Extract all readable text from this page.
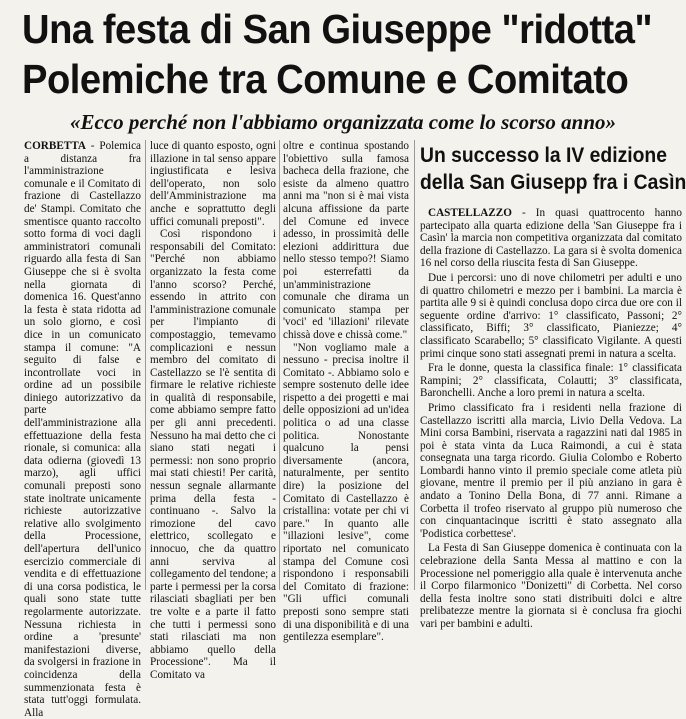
Una festa di San Giuseppe "ridotta"
Polemiche tra Comune e Comitato
«Ecco perché non l'abbiamo organizzata come lo scorso anno»

CORBETTA - Polemica a distanza fra l'amministrazione comunale e il Comitato di frazione di Castellazzo de' Stampi. Comitato che smentisce quanto raccolto sotto forma di voci dagli amministratori comunali riguardo alla festa di San Giuseppe che si è svolta nella giornata di domenica 16. Quest'anno la festa è stata ridotta ad un solo giorno, e così dice in un comunicato stampa il comune: "A seguito di false e incontrollate voci in ordine ad un possibile diniego autorizzativo da parte dell'amministrazione alla effettuazione della festa rionale, si comunica: alla data odierna (giovedì 13 marzo), agli uffici comunali preposti sono state inoltrate unicamente richieste autorizzative relative allo svolgimento della Processione, dell'apertura dell'unico esercizio commerciale di vendita e di effettuazione di una corsa podistica, le quali sono state tutte regolarmente autorizzate. Nessuna richiesta in ordine a 'presunte' manifestazioni diverse, da svolgersi in frazione in coincidenza della summenzionata festa è stata tutt'oggi formulata. Alla

luce di quanto esposto, ogni illazione in tal senso appare ingiustificata e lesiva dell'operato, non solo dell'Amministrazione ma anche e soprattutto degli uffici comunali preposti".

Così rispondono i responsabili del Comitato: "Perché non abbiamo organizzato la festa come l'anno scorso? Perché, essendo in attrito con l'amministrazione comunale per l'impianto di compostaggio, temevamo complicazioni e nessun membro del comitato di Castellazzo se l'è sentita di firmare le relative richieste in qualità di responsabile, come abbiamo sempre fatto per gli anni precedenti. Nessuno ha mai detto che ci siano stati negati i permessi: non sono proprio mai stati chiesti! Per carità, nessun segnale allarmante prima della festa - continuano -. Salvo la rimozione del cavo elettrico, scollegato e innocuo, che da quattro anni serviva al collegamento del tendone; a parte i permessi per la corsa rilasciati sbagliati per ben tre volte e a parte il fatto che tutti i permessi sono stati rilasciati ma non abbiamo quello della Processione". Ma il Comitato va

oltre e continua spostando l'obiettivo sulla famosa bacheca della frazione, che esiste da almeno quattro anni ma "non si è mai vista alcuna affissione da parte del Comune ed invece adesso, in prossimità delle elezioni addirittura due nello stesso tempo?! Siamo poi esterrefatti da un'amministrazione comunale che dirama un comunicato stampa per 'voci' ed 'illazioni' rilevate chissà dove e chissà come."

"Non vogliamo male a nessuno - precisa inoltre il Comitato -. Abbiamo solo e sempre sostenuto delle idee rispetto a dei progetti e mai delle opposizioni ad un'idea politica o ad una classe politica. Nonostante qualcuno la pensi diversamente (ancora, naturalmente, per sentito dire) la posizione del Comitato di Castellazzo è cristallina: votate per chi vi pare." In quanto alle "illazioni lesive", come riportato nel comunicato stampa del Comune così rispondono i responsabili del Comitato di frazione: "Gli uffici comunali preposti sono sempre stati di una disponibilità e di una gentilezza esemplare".

Un successo la IV edizione
della San Giusepp fra i Casìn

CASTELLAZZO - In quasi quattrocento hanno partecipato alla quarta edizione della 'San Giuseppe fra i Casìn' la marcia non competitiva organizzata dal comitato della frazione di Castellazzo. La gara si è svolta domenica 16 nel corso della riuscita festa di San Giuseppe.

Due i percorsi: uno di nove chilometri per adulti e uno di quattro chilometri e mezzo per i bambini. La marcia è partita alle 9 si è quindi conclusa dopo circa due ore con il seguente ordine d'arrivo: 1° classificato, Passoni; 2° classificato, Biffi; 3° classificato, Pianiezze; 4° classificato Scarabello; 5° classificato Vigilante. A questi primi cinque sono stati assegnati premi in natura a scelta.

Fra le donne, questa la classifica finale: 1° classificata Rampini; 2° classificata, Colautti; 3° classificata, Baronchelli. Anche a loro premi in natura a scelta.

Primo classificato fra i residenti nella frazione di Castellazzo iscritti alla marcia, Livio Della Vedova. La Mini corsa Bambini, riservata a ragazzini nati dal 1985 in poi è stata vinta da Luca Raimondi, a cui è stata consegnata una targa ricordo. Giulia Colombo e Roberto Lombardi hanno vinto il premio speciale come atleta più giovane, mentre il premio per il più anziano in gara è andato a Tonino Della Bona, di 77 anni. Rimane a Corbetta il trofeo riservato al gruppo più numeroso che con cinquantacinque iscritti è stato assegnato alla 'Podistica corbettese'.

La Festa di San Giuseppe domenica è continuata con la celebrazione della Santa Messa al mattino e con la Processione nel pomeriggio alla quale è intervenuta anche il Corpo filarmonico "Donizetti" di Corbetta. Nel corso della festa inoltre sono stati distribuiti dolci e altre prelibatezze mentre la giornata si è conclusa fra giochi vari per bambini e adulti.
